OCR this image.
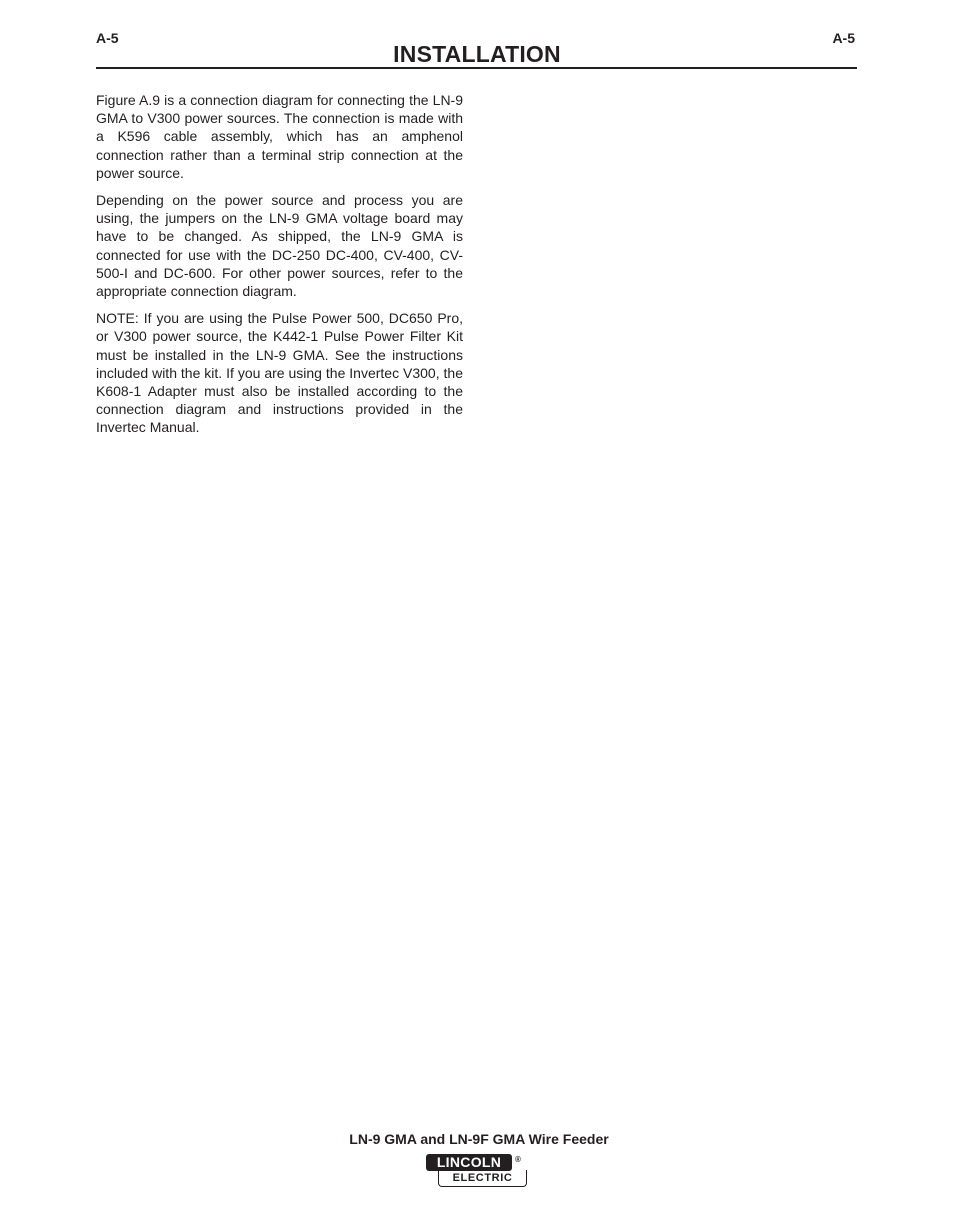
A-5	A-5
INSTALLATION

Figure A.9 is a connection diagram for connecting the LN-9 GMA to V300 power sources. The connection is made with a K596 cable assembly, which has an amphenol connection rather than a terminal strip connection at the power source.

Depending on the power source and process you are using, the jumpers on the LN-9 GMA voltage board may have to be changed. As shipped, the LN-9 GMA is connected for use with the DC-250 DC-400, CV-400, CV-500-I and DC-600. For other power sources, refer to the appropriate connection diagram.

NOTE: If you are using the Pulse Power 500, DC650 Pro, or V300 power source, the K442-1 Pulse Power Filter Kit must be installed in the LN-9 GMA. See the instructions included with the kit. If you are using the Invertec V300, the K608-1 Adapter must also be installed according to the connection diagram and instructions provided in the Invertec Manual.

LN-9 GMA and LN-9F GMA Wire Feeder
LINCOLN	®
ELECTRIC
